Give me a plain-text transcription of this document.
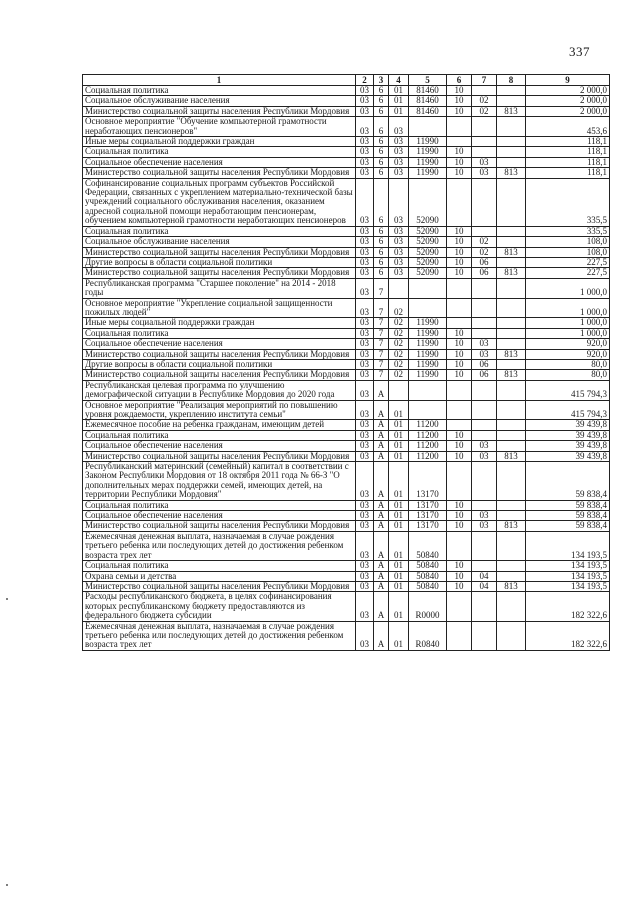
337
1	2	3	4	5	6	7	8	9
Социальная политика	03	6	01	81460	10			2 000,0
Социальное обслуживание населения	03	6	01	81460	10	02		2 000,0
Министерство социальной защиты населения Республики Мордовия	03	6	01	81460	10	02	813	2 000,0
Основное мероприятие "Обучение компьютерной грамотности неработающих пенсионеров"	03	6	03					453,6
Иные меры социальной поддержки граждан	03	6	03	11990				118,1
Социальная политика	03	6	03	11990	10			118,1
Социальное обеспечение населения	03	6	03	11990	10	03		118,1
Министерство социальной защиты населения Республики Мордовия	03	6	03	11990	10	03	813	118,1
Софинансирование социальных программ субъектов Российской Федерации, связанных с укреплением материально-технической базы учреждений социального обслуживания населения, оказанием адресной социальной помощи неработающим пенсионерам, обучением компьютерной грамотности неработающих пенсионеров	03	6	03	52090				335,5
Социальная политика	03	6	03	52090	10			335,5
Социальное обслуживание населения	03	6	03	52090	10	02		108,0
Министерство социальной защиты населения Республики Мордовия	03	6	03	52090	10	02	813	108,0
Другие вопросы в области социальной политики	03	6	03	52090	10	06		227,5
Министерство социальной защиты населения Республики Мордовия	03	6	03	52090	10	06	813	227,5
Республиканская программа "Старшее поколение" на 2014 - 2018 годы	03	7						1 000,0
Основное мероприятие "Укрепление социальной защищенности пожилых людей"	03	7	02					1 000,0
Иные меры социальной поддержки граждан	03	7	02	11990				1 000,0
Социальная политика	03	7	02	11990	10			1 000,0
Социальное обеспечение населения	03	7	02	11990	10	03		920,0
Министерство социальной защиты населения Республики Мордовия	03	7	02	11990	10	03	813	920,0
Другие вопросы в области социальной политики	03	7	02	11990	10	06		80,0
Министерство социальной защиты населения Республики Мордовия	03	7	02	11990	10	06	813	80,0
Республиканская целевая программа по улучшению демографической ситуации в Республике Мордовия до 2020 года	03	А						415 794,3
Основное мероприятие "Реализация мероприятий по повышению уровня рождаемости, укреплению института семьи"	03	А	01					415 794,3
Ежемесячное пособие на ребенка гражданам, имеющим детей	03	А	01	11200				39 439,8
Социальная политика	03	А	01	11200	10			39 439,8
Социальное обеспечение населения	03	А	01	11200	10	03		39 439,8
Министерство социальной защиты населения Республики Мордовия	03	А	01	11200	10	03	813	39 439,8
Республиканский материнский (семейный) капитал в соответствии с Законом Республики Мордовия от 18 октября 2011 года № 66-З "О дополнительных мерах поддержки семей, имеющих детей, на территории Республики Мордовия"	03	А	01	13170				59 838,4
Социальная политика	03	А	01	13170	10			59 838,4
Социальное обеспечение населения	03	А	01	13170	10	03		59 838,4
Министерство социальной защиты населения Республики Мордовия	03	А	01	13170	10	03	813	59 838,4
Ежемесячная денежная выплата, назначаемая в случае рождения третьего ребенка или последующих детей до достижения ребенком возраста трех лет	03	А	01	50840				134 193,5
Социальная политика	03	А	01	50840	10			134 193,5
Охрана семьи и детства	03	А	01	50840	10	04		134 193,5
Министерство социальной защиты населения Республики Мордовия	03	А	01	50840	10	04	813	134 193,5
Расходы республиканского бюджета, в целях софинансирования которых республиканскому бюджету предоставляются из федерального бюджета субсидии	03	А	01	R0000				182 322,6
Ежемесячная денежная выплата, назначаемая в случае рождения третьего ребенка или последующих детей до достижения ребенком возраста трех лет	03	А	01	R0840				182 322,6
